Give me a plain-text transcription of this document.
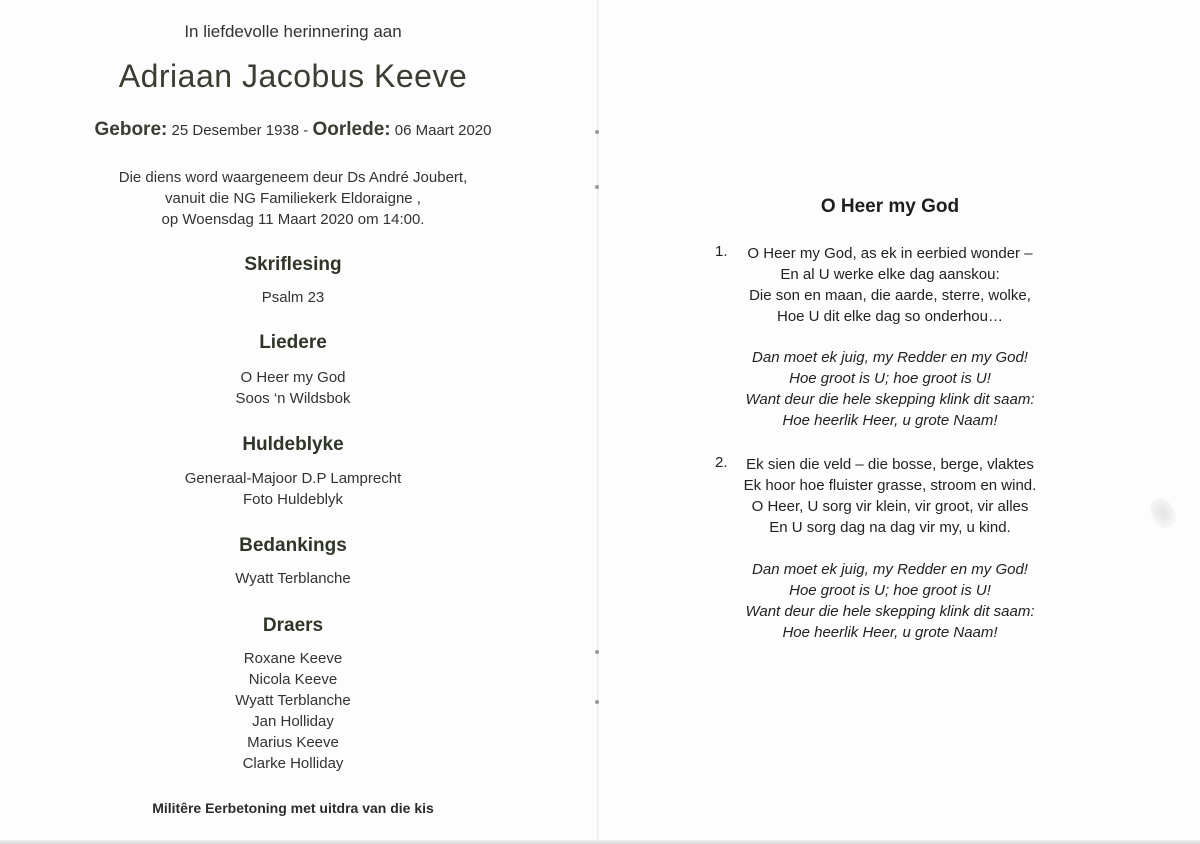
In liefdevolle herinnering aan
Adriaan Jacobus Keeve
Gebore: 25 Desember 1938 - Oorlede: 06 Maart 2020
Die diens word waargeneem deur Ds André Joubert,
vanuit die NG Familiekerk Eldoraigne ,
op Woensdag 11 Maart 2020 om 14:00.
Skriflesing
Psalm 23
Liedere
O Heer my God
Soos ‘n Wildsbok
Huldeblyke
Generaal-Majoor D.P Lamprecht
Foto Huldeblyk
Bedankings
Wyatt Terblanche
Draers
Roxane Keeve
Nicola Keeve
Wyatt Terblanche
Jan Holliday
Marius Keeve
Clarke Holliday
Militêre Eerbetoning met uitdra van die kis
O Heer my God
1.	O Heer my God, as ek in eerbied wonder –
En al U werke elke dag aanskou:
Die son en maan, die aarde, sterre, wolke,
Hoe U dit elke dag so onderhou…
Dan moet ek juig, my Redder en my God!
Hoe groot is U; hoe groot is U!
Want deur die hele skepping klink dit saam:
Hoe heerlik Heer, u grote Naam!
2.	Ek sien die veld – die bosse, berge, vlaktes
Ek hoor hoe fluister grasse, stroom en wind.
O Heer, U sorg vir klein, vir groot, vir alles
En U sorg dag na dag vir my, u kind.
Dan moet ek juig, my Redder en my God!
Hoe groot is U; hoe groot is U!
Want deur die hele skepping klink dit saam:
Hoe heerlik Heer, u grote Naam!
